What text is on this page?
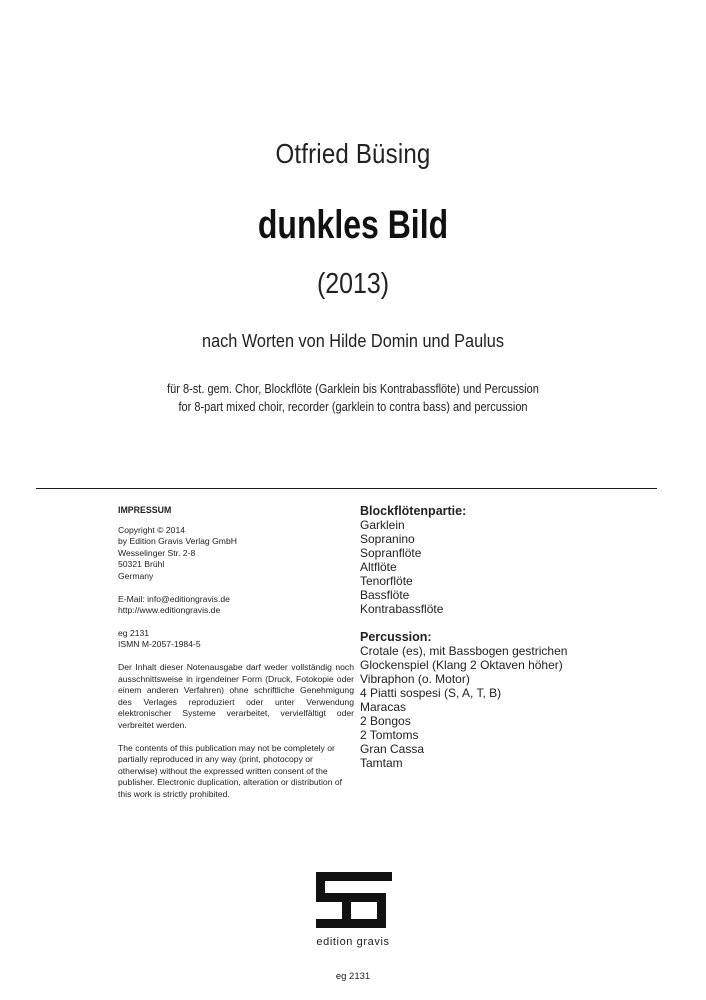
Otfried Büsing
dunkles Bild
(2013)
nach Worten von Hilde Domin und Paulus
für 8-st. gem. Chor, Blockflöte (Garklein bis Kontrabassflöte) und Percussion
for 8-part mixed choir, recorder (garklein to contra bass) and percussion
IMPRESSUM
Copyright © 2014
by Edition Gravis Verlag GmbH
Wesselinger Str. 2-8
50321 Brühl
Germany
E-Mail: info@editiongravis.de
http://www.editiongravis.de
eg 2131
ISMN M-2057-1984-5
Der Inhalt dieser Notenausgabe darf weder vollständig noch ausschnittsweise in irgendeiner Form (Druck, Fotokopie oder einem anderen Verfahren) ohne schriftliche Genehmigung des Verlages reproduziert oder unter Verwendung elektronischer Systeme verarbeitet, vervielfältigt oder verbreitet werden.
The contents of this publication may not be completely or partially reproduced in any way (print, photocopy or otherwise) without the expressed written consent of the publisher. Electronic duplication, alteration or distribution of this work is strictly prohibited.
Blockflötenpartie:
Garklein
Sopranino
Sopranflöte
Altflöte
Tenorflöte
Bassflöte
Kontrabassflöte
Percussion:
Crotale (es), mit Bassbogen gestrichen
Glockenspiel (Klang 2 Oktaven höher)
Vibraphon (o. Motor)
4 Piatti sospesi (S, A, T, B)
Maracas
2 Bongos
2 Tomtoms
Gran Cassa
Tamtam
edition gravis
eg 2131
